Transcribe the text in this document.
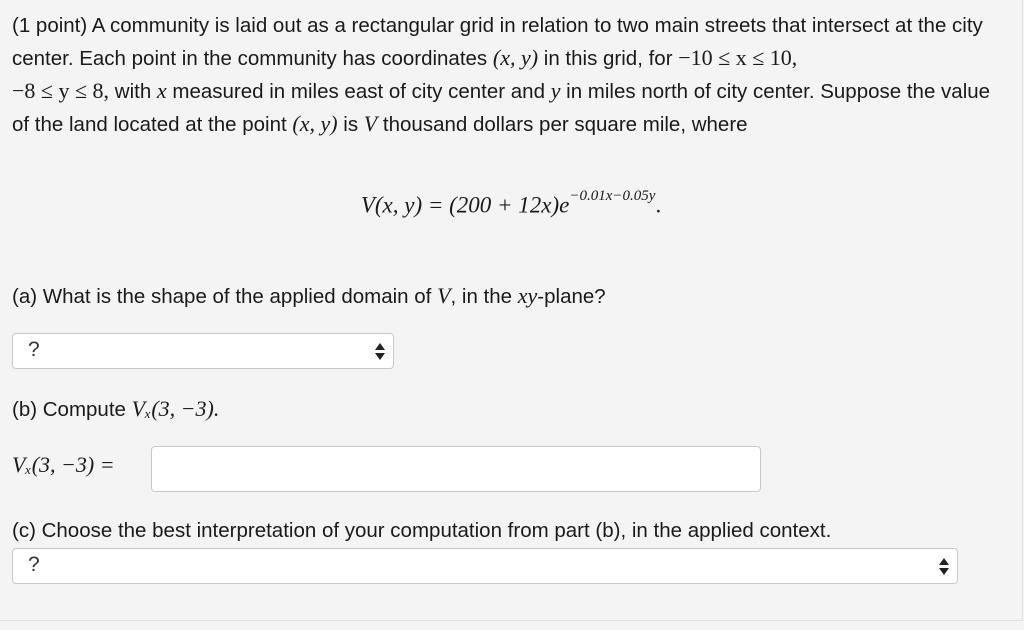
(1 point) A community is laid out as a rectangular grid in relation to two main streets that intersect at the city center. Each point in the community has coordinates (x, y) in this grid, for −10 ≤ x ≤ 10,
−8 ≤ y ≤ 8, with x measured in miles east of city center and y in miles north of city center. Suppose the value of the land located at the point (x, y) is V thousand dollars per square mile, where

V(x, $y) = (200 + 12x)e^{-0.01x-0.05y}$.

(a) What is the shape of the applied domain of V, in the xy-plane?

?

(b) Compute Vₓ(3, −3).

Vₓ(3, −3) =

(c) Choose the best interpretation of your computation from part (b), in the applied context.

?
